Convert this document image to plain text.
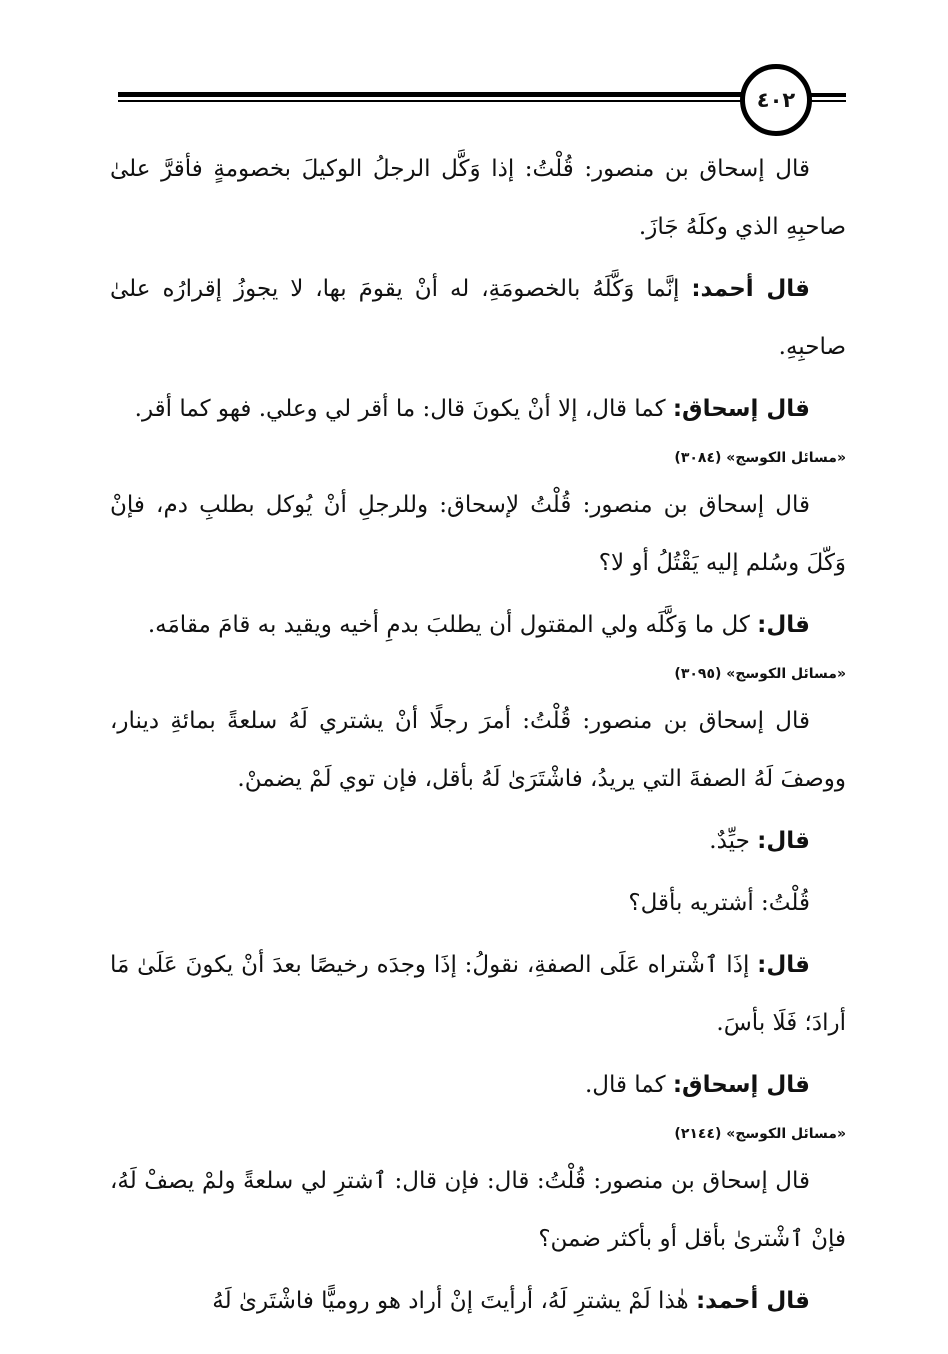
٤٠٢
قال إسحاق بن منصور: قُلْتُ: إذا وَكَّل الرجلُ الوكيلَ بخصومةٍ فأقرَّ علىٰ صاحبِهِ الذي وكلَهُ جَازَ.
قال أحمد: إنَّما وَكَّلَهُ بالخصومَةِ، له أنْ يقومَ بها، لا يجوزُ إقرارُه علىٰ صاحبِهِ.
قال إسحاق: كما قال، إلا أنْ يكونَ قال: ما أقر لي وعلي. فهو كما أقر.
«مسائل الكوسج» (٣٠٨٤)
قال إسحاق بن منصور: قُلْتُ لإسحاق: وللرجلِ أنْ يُوكل بطلبِ دم، فإنْ وَكّلَ وسُلم إليه يَقْتُلُ أو لا؟
قال: كل ما وَكَّلَه ولي المقتول أن يطلبَ بدمِ أخيه ويقيد به قامَ مقامَه.
«مسائل الكوسج» (٣٠٩٥)
قال إسحاق بن منصور: قُلْتُ: أمرَ رجلًا أنْ يشتري لَهُ سلعةً بمائةِ دينار، ووصفَ لَهُ الصفةَ التي يريدُ، فاشْتَرَىٰ لَهُ بأقل، فإن توي لَمْ يضمنْ.
قال: جيِّدٌ.
قُلْتُ: أشتريه بأقل؟
قال: إذَا ٱشْتراه عَلَى الصفةِ، نقولُ: إذَا وجدَه رخيصًا بعدَ أنْ يكونَ عَلَىٰ مَا أرادَ؛ فَلَا بأسَ.
قال إسحاق: كما قال.
«مسائل الكوسج» (٢١٤٤)
قال إسحاق بن منصور: قُلْتُ: قال: فإن قال: ٱشترِ لي سلعةً ولمْ يصفْ لَهُ، فإنْ ٱشْترىٰ بأقل أو بأكثر ضمن؟
قال أحمد: هٰذا لَمْ يشترِ لَهُ، أرأيتَ إنْ أراد هو روميًّا فاشْتَرىٰ لَهُ
